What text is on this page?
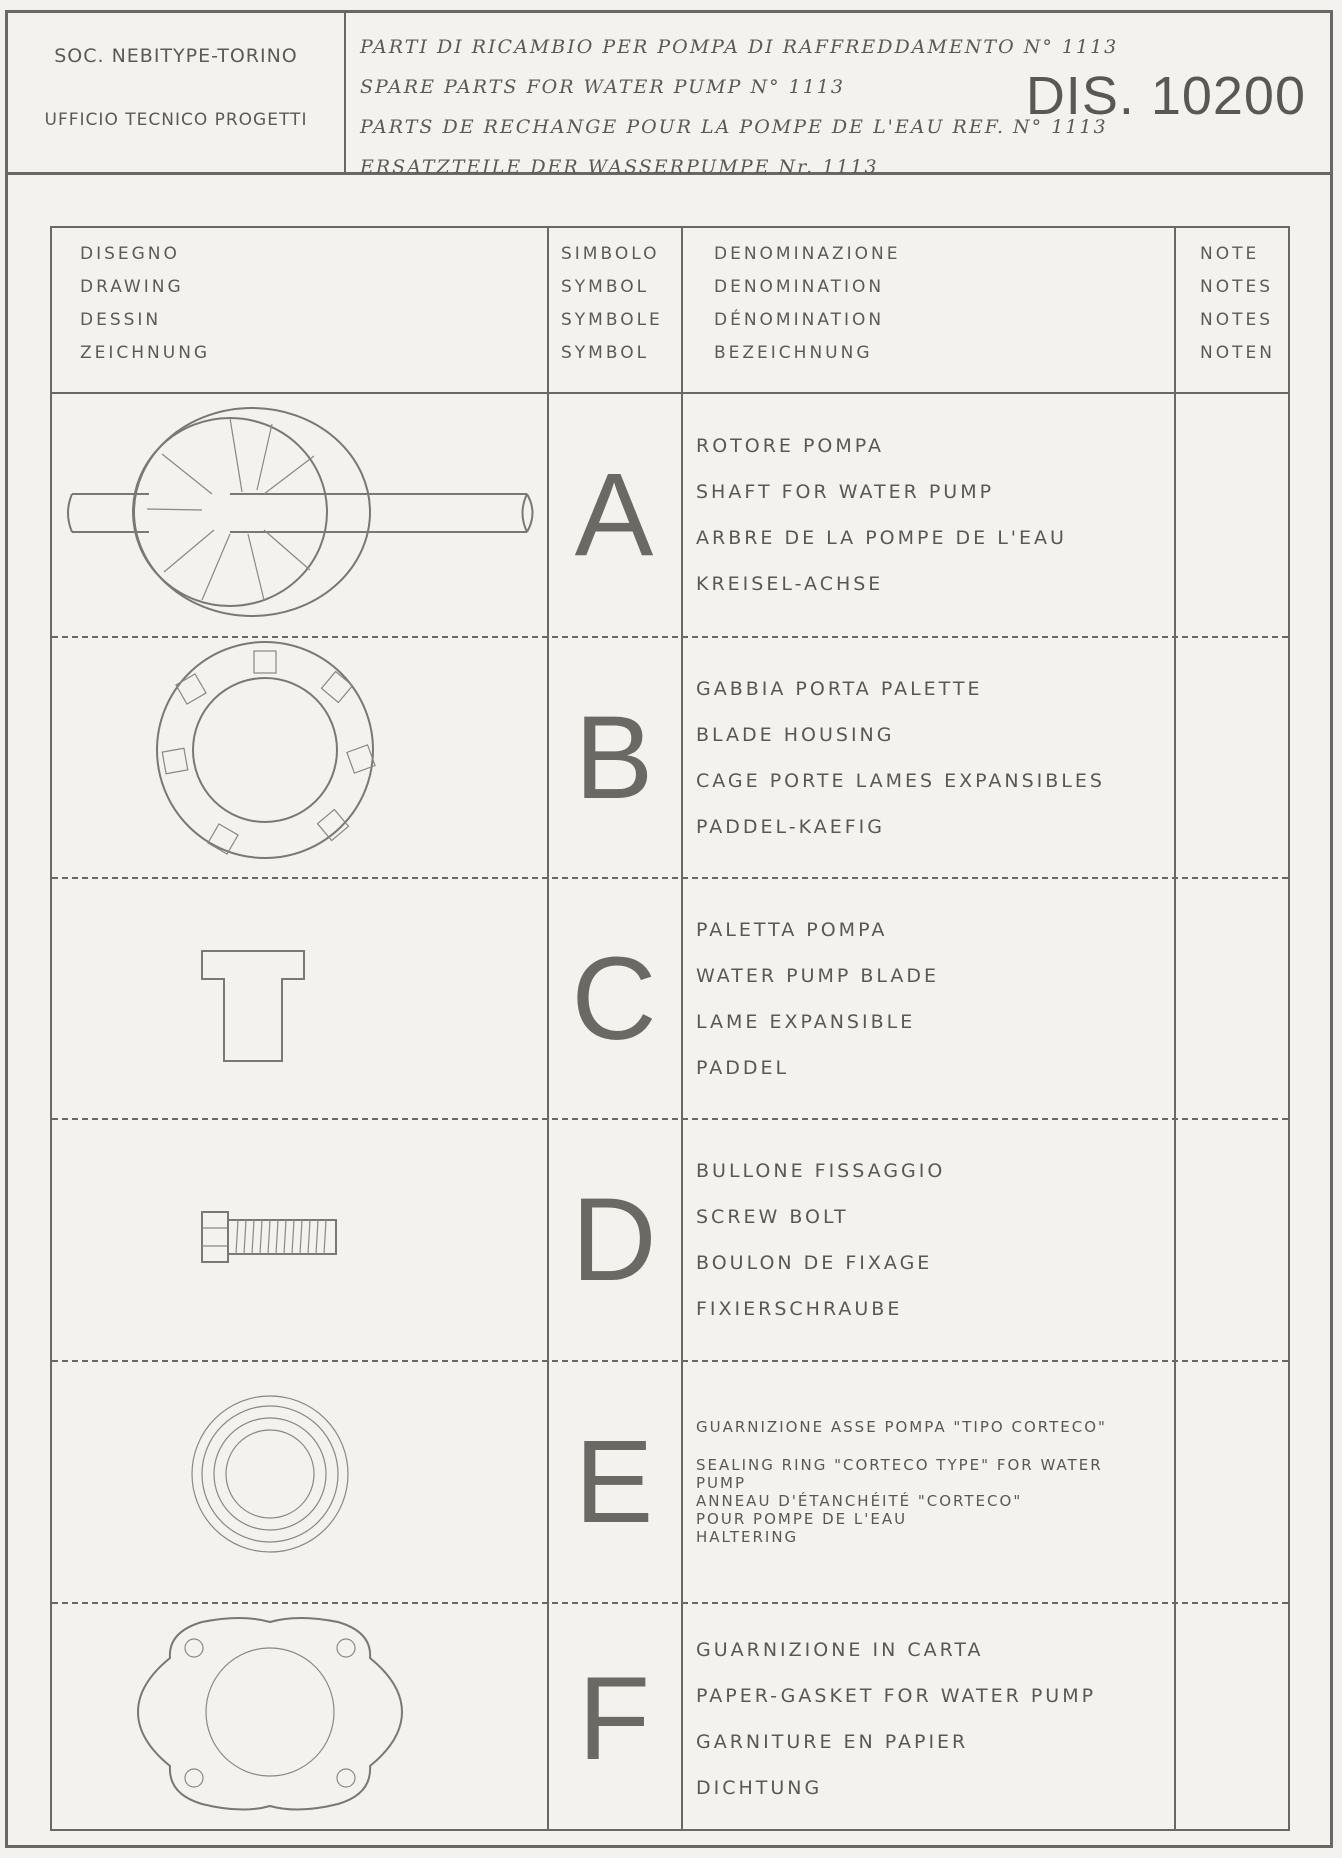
SOC. NEBITYPE-TORINO
UFFICIO TECNICO PROGETTI
PARTI DI RICAMBIO PER POMPA DI RAFFREDDAMENTO N° 1113
SPARE PARTS FOR WATER PUMP N° 1113
PARTS DE RECHANGE POUR LA POMPE DE L'EAU REF. N° 1113
ERSATZTEILE DER WASSERPUMPE Nr. 1113
DIS. 10200
DISEGNO
DRAWING
DESSIN
ZEICHNUNG
SIMBOLO
SYMBOL
SYMBOLE
SYMBOL
DENOMINAZIONE
DENOMINATION
DÉNOMINATION
BEZEICHNUNG
NOTE
NOTES
NOTES
NOTEN
A
ROTORE POMPA
SHAFT FOR WATER PUMP
ARBRE DE LA POMPE DE L'EAU
KREISEL-ACHSE
B
GABBIA PORTA PALETTE
BLADE HOUSING
CAGE PORTE LAMES EXPANSIBLES
PADDEL-KAEFIG
C
PALETTA POMPA
WATER PUMP BLADE
LAME EXPANSIBLE
PADDEL
D
BULLONE FISSAGGIO
SCREW BOLT
BOULON DE FIXAGE
FIXIERSCHRAUBE
E	GUARNIZIONE ASSE POMPA "TIPO CORTECO"
SEALING RING "CORTECO TYPE" FOR WATER
PUMP
ANNEAU D'ÉTANCHÉITÉ "CORTECO"
POUR POMPE DE L'EAU
HALTERING
F
GUARNIZIONE IN CARTA
PAPER-GASKET FOR WATER PUMP
GARNITURE EN PAPIER
DICHTUNG
